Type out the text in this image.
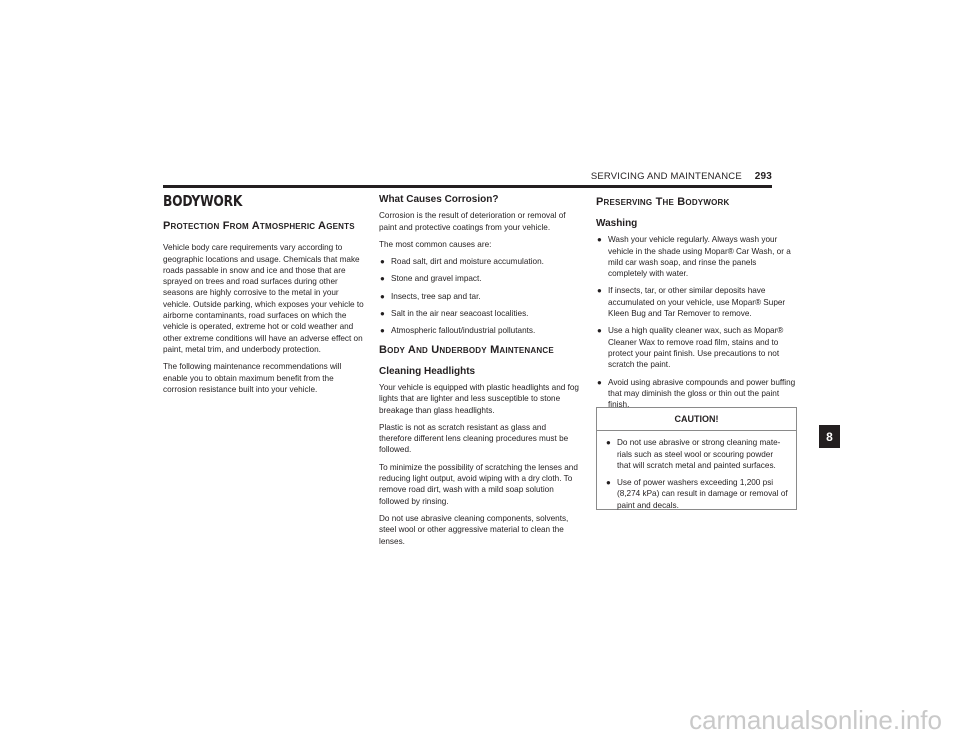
SERVICING AND MAINTENANCE 293
BODYWORK
Protection From Atmospheric Agents

Vehicle body care requirements vary according to geographic locations and usage. Chemicals that make roads passable in snow and ice and those that are sprayed on trees and road surfaces during other seasons are highly corrosive to the metal in your vehicle. Outside parking, which exposes your vehicle to airborne contaminants, road surfaces on which the vehicle is operated, extreme hot or cold weather and other extreme conditions will have an adverse effect on paint, metal trim, and underbody protection.

The following maintenance recommendations will enable you to obtain maximum benefit from the corrosion resistance built into your vehicle.

What Causes Corrosion?

Corrosion is the result of deterioration or removal of paint and protective coatings from your vehicle.

The most common causes are:

● Road salt, dirt and moisture accumulation.
● Stone and gravel impact.
● Insects, tree sap and tar.
● Salt in the air near seacoast localities.
● Atmospheric fallout/industrial pollutants.
Body And Underbody Maintenance
Cleaning Headlights

Your vehicle is equipped with plastic headlights and fog lights that are lighter and less susceptible to stone breakage than glass headlights.

Plastic is not as scratch resistant as glass and therefore different lens cleaning procedures must be followed.

To minimize the possibility of scratching the lenses and reducing light output, avoid wiping with a dry cloth. To remove road dirt, wash with a mild soap solution followed by rinsing.

Do not use abrasive cleaning components, solvents, steel wool or other aggressive material to clean the lenses.

Preserving The Bodywork
Washing
● Wash your vehicle regularly. Always wash your vehicle in the shade using Mopar® Car Wash, or a mild car wash soap, and rinse the panels completely with water.
● If insects, tar, or other similar deposits have accumulated on your vehicle, use Mopar® Super Kleen Bug and Tar Remover to remove.
● Use a high quality cleaner wax, such as Mopar® Cleaner Wax to remove road film, stains and to protect your paint finish. Use precautions to not scratch the paint.
● Avoid using abrasive compounds and power buffing that may diminish the gloss or thin out the paint finish.
CAUTION!
● Do not use abrasive or strong cleaning mate-rials such as steel wool or scouring powder that will scratch metal and painted surfaces.
● Use of power washers exceeding 1,200 psi (8,274 kPa) can result in damage or removal of paint and decals.
8
carmanualsonline.info
